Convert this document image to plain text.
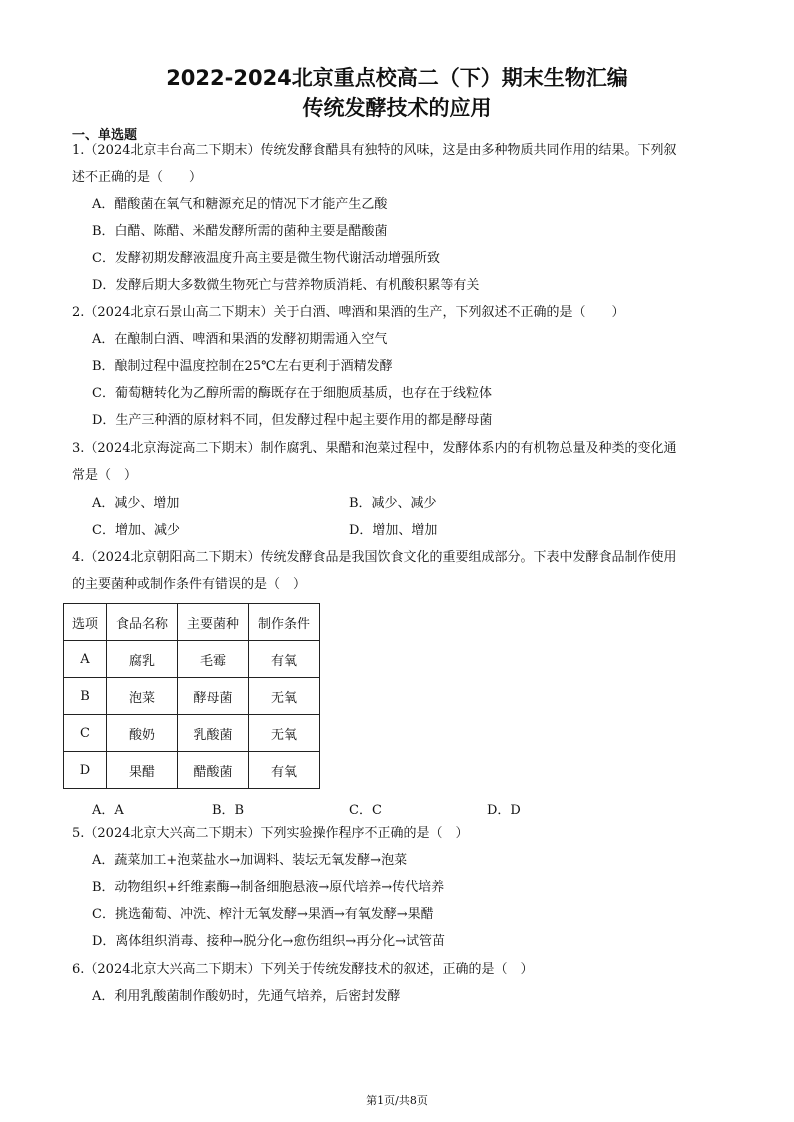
2022-2024北京重点校高二（下）期末生物汇编
传统发酵技术的应用
一、单选题
1.（2024北京丰台高二下期末）传统发酵食醋具有独特的风味，这是由多种物质共同作用的结果。下列叙
述不正确的是（　　）
A．醋酸菌在氧气和糖源充足的情况下才能产生乙酸
B．白醋、陈醋、米醋发酵所需的菌种主要是醋酸菌
C．发酵初期发酵液温度升高主要是微生物代谢活动增强所致
D．发酵后期大多数微生物死亡与营养物质消耗、有机酸积累等有关
2.（2024北京石景山高二下期末）关于白酒、啤酒和果酒的生产，下列叙述不正确的是（　　）
A．在酿制白酒、啤酒和果酒的发酵初期需通入空气
B．酿制过程中温度控制在25℃左右更利于酒精发酵
C．葡萄糖转化为乙醇所需的酶既存在于细胞质基质，也存在于线粒体
D．生产三种酒的原材料不同，但发酵过程中起主要作用的都是酵母菌
3.（2024北京海淀高二下期末）制作腐乳、果醋和泡菜过程中，发酵体系内的有机物总量及种类的变化通
常是（　）
A．减少、增加	B．减少、减少
C．增加、减少	D．增加、增加
4.（2024北京朝阳高二下期末）传统发酵食品是我国饮食文化的重要组成部分。下表中发酵食品制作使用
的主要菌种或制作条件有错误的是（　）
选项	食品名称	主要菌种	制作条件
A	腐乳	毛霉	有氧
B	泡菜	酵母菌	无氧
C	酸奶	乳酸菌	无氧
D	果醋	醋酸菌	有氧
A．A	B．B	C．C	D．D
5.（2024北京大兴高二下期末）下列实验操作程序不正确的是（　）
A．蔬菜加工+泡菜盐水→加调料、装坛无氧发酵→泡菜
B．动物组织+纤维素酶→制备细胞悬液→原代培养→传代培养
C．挑选葡萄、冲洗、榨汁无氧发酵→果酒→有氧发酵→果醋
D．离体组织消毒、接种→脱分化→愈伤组织→再分化→试管苗
6.（2024北京大兴高二下期末）下列关于传统发酵技术的叙述，正确的是（　）
A．利用乳酸菌制作酸奶时，先通气培养，后密封发酵
第1页/共8页
